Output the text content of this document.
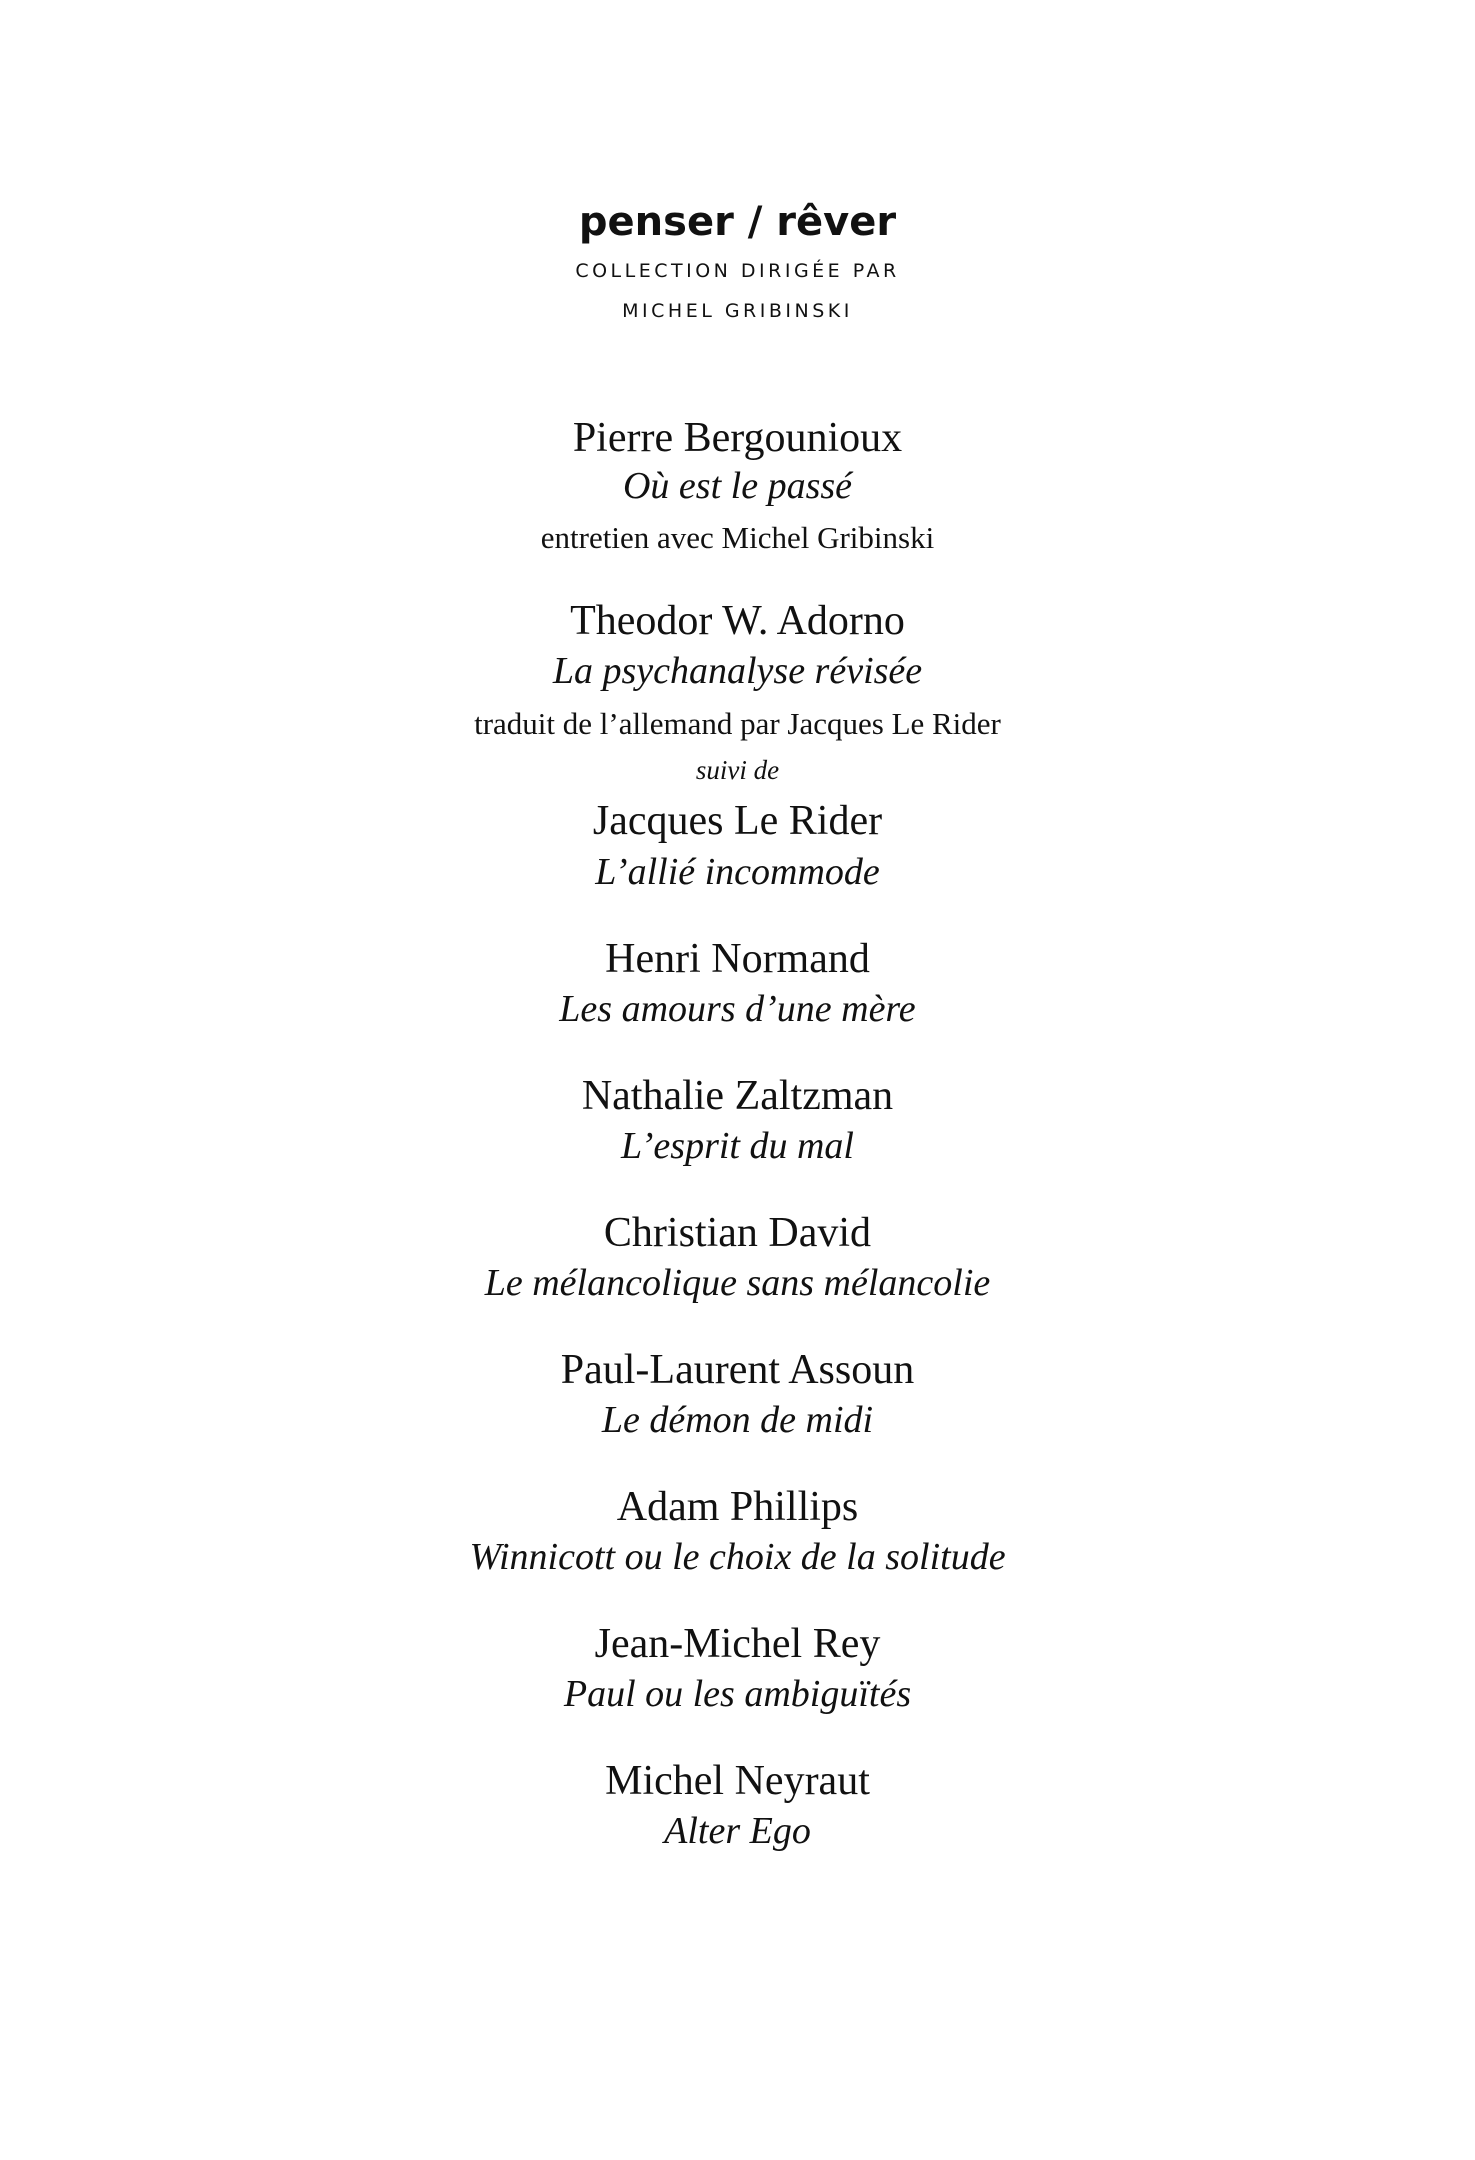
penser / rêver
COLLECTION DIRIGÉE PAR
MICHEL GRIBINSKI
Pierre Bergounioux
Où est le passé
entretien avec Michel Gribinski
Theodor W. Adorno
La psychanalyse révisée
traduit de l’allemand par Jacques Le Rider
suivi de
Jacques Le Rider
L’allié incommode
Henri Normand
Les amours d’une mère
Nathalie Zaltzman
L’esprit du mal
Christian David
Le mélancolique sans mélancolie
Paul-Laurent Assoun
Le démon de midi
Adam Phillips
Winnicott ou le choix de la solitude
Jean-Michel Rey
Paul ou les ambiguïtés
Michel Neyraut
Alter Ego
